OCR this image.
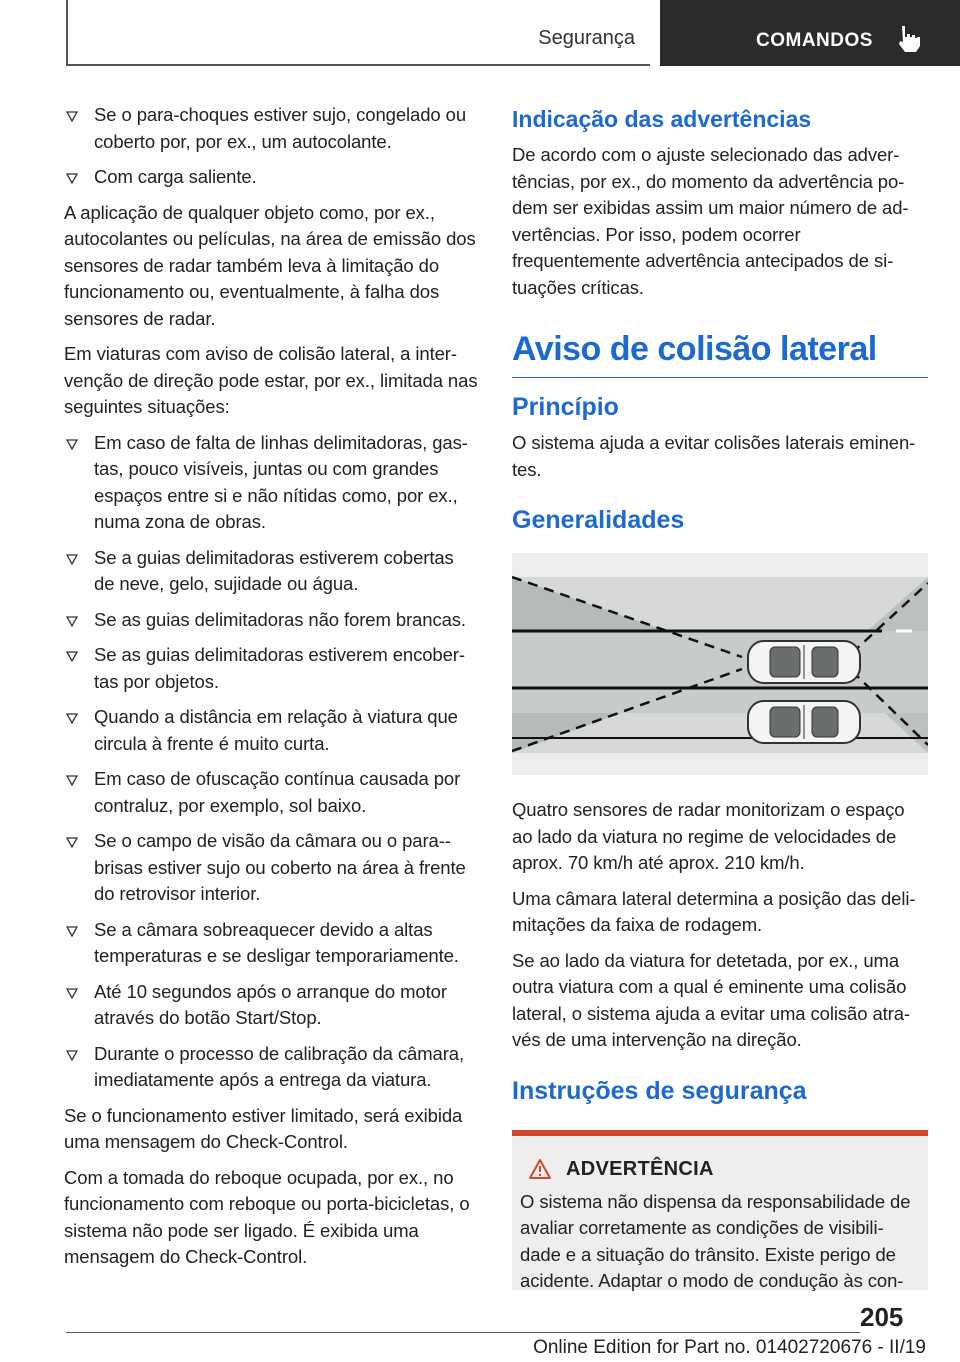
Segurança	COMANDOS
Se o para-choques estiver sujo, congelado ou coberto por, por ex., um autocolante.
Com carga saliente.

A aplicação de qualquer objeto como, por ex., autocolantes ou películas, na área de emissão dos sensores de radar também leva à limitação do funcionamento ou, eventualmente, à falha dos sensores de radar.

Em viaturas com aviso de colisão lateral, a inter-venção de direção pode estar, por ex., limitada nas seguintes situações:

Em caso de falta de linhas delimitadoras, gas-tas, pouco visíveis, juntas ou com grandes espaços entre si e não nítidas como, por ex., numa zona de obras.
Se a guias delimitadoras estiverem cobertas de neve, gelo, sujidade ou água.
Se as guias delimitadoras não forem brancas.
Se as guias delimitadoras estiverem encober-tas por objetos.
Quando a distância em relação à viatura que circula à frente é muito curta.
Em caso de ofuscação contínua causada por contraluz, por exemplo, sol baixo.
Se o campo de visão da câmara ou o para--brisas estiver sujo ou coberto na área à frente do retrovisor interior.
Se a câmara sobreaquecer devido a altas temperaturas e se desligar temporariamente.
Até 10 segundos após o arranque do motor através do botão Start/Stop.
Durante o processo de calibração da câmara, imediatamente após a entrega da viatura.

Se o funcionamento estiver limitado, será exibida uma mensagem do Check-Control.

Com a tomada do reboque ocupada, por ex., no funcionamento com reboque ou porta-bicicletas, o sistema não pode ser ligado. É exibida uma mensagem do Check-Control.

Indicação das advertências

De acordo com o ajuste selecionado das adver-tências, por ex., do momento da advertência po-dem ser exibidas assim um maior número de ad-vertências. Por isso, podem ocorrer frequentemente advertência antecipados de si-tuações críticas.

Aviso de colisão lateral
Princípio

O sistema ajuda a evitar colisões laterais eminen-tes.

Generalidades

Quatro sensores de radar monitorizam o espaço ao lado da viatura no regime de velocidades de aprox. 70 km/h até aprox. 210 km/h.

Uma câmara lateral determina a posição das deli-mitações da faixa de rodagem.

Se ao lado da viatura for detetada, por ex., uma outra viatura com a qual é eminente uma colisão lateral, o sistema ajuda a evitar uma colisão atra-vés de uma intervenção na direção.

Instruções de segurança
ADVERTÊNCIA

O sistema não dispensa da responsabilidade de avaliar corretamente as condições de visibili-dade e a situação do trânsito. Existe perigo de acidente. Adaptar o modo de condução às con-

205
Online Edition for Part no. 01402720676 - II/19
